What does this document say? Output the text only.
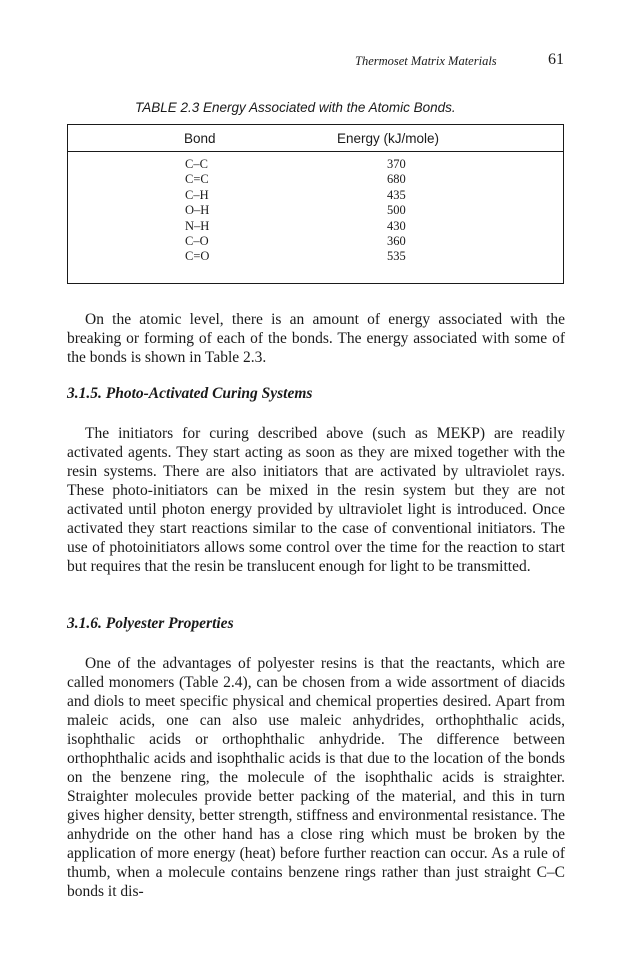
Thermoset Matrix Materials	61
TABLE 2.3 Energy Associated with the Atomic Bonds.
Bond	Energy (kJ/mole)
C–C	370
C=C	680
C–H	435
O–H	500
N–H	430
C–O	360
C=O	535

On the atomic level, there is an amount of energy associated with the breaking or forming of each of the bonds. The energy associated with some of the bonds is shown in Table 2.3.

3.1.5. Photo-Activated Curing Systems

The initiators for curing described above (such as MEKP) are readily activated agents. They start acting as soon as they are mixed together with the resin systems. There are also initiators that are activated by ultraviolet rays. These photo-initiators can be mixed in the resin system but they are not activated until photon energy provided by ultraviolet light is introduced. Once activated they start reactions similar to the case of conventional initiators. The use of photoinitiators allows some control over the time for the reaction to start but requires that the resin be translucent enough for light to be transmitted.

3.1.6. Polyester Properties

One of the advantages of polyester resins is that the reactants, which are called monomers (Table 2.4), can be chosen from a wide assortment of diacids and diols to meet specific physical and chemical properties desired. Apart from maleic acids, one can also use maleic anhydrides, orthophthalic acids, isophthalic acids or orthophthalic anhydride. The difference between orthophthalic acids and isophthalic acids is that due to the location of the bonds on the benzene ring, the molecule of the isophthalic acids is straighter. Straighter molecules provide better packing of the material, and this in turn gives higher density, better strength, stiffness and environmental resistance. The anhydride on the other hand has a close ring which must be broken by the application of more energy (heat) before further reaction can occur. As a rule of thumb, when a molecule contains benzene rings rather than just straight C–C bonds it dis-
